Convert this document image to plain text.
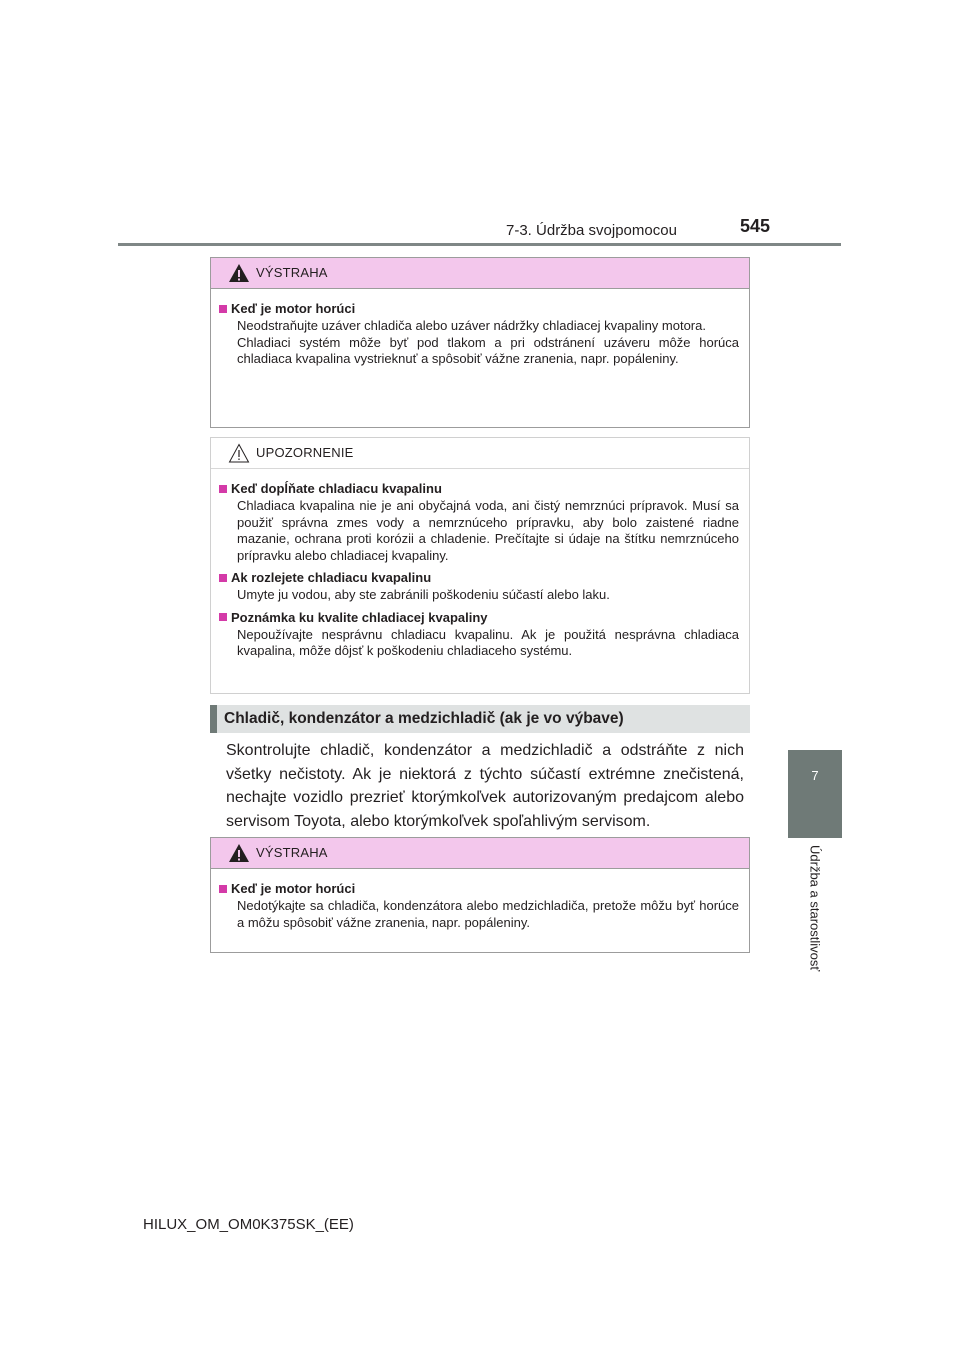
7-3. Údržba svojpomocou	545
7
Údržba a starostlivosť
VÝSTRAHA
Keď je motor horúci
Neodstraňujte uzáver chladiča alebo uzáver nádržky chladiacej kvapaliny motora.
Chladiaci systém môže byť pod tlakom a pri odstránení uzáveru môže horúca chladiaca kvapalina vystrieknuť a spôsobiť vážne zranenia, napr. popáleniny.
UPOZORNENIE
Keď dopĺňate chladiacu kvapalinu
Chladiaca kvapalina nie je ani obyčajná voda, ani čistý nemrznúci prípravok. Musí sa použiť správna zmes vody a nemrznúceho prípravku, aby bolo zaistené riadne mazanie, ochrana proti korózii a chladenie. Prečítajte si údaje na štítku nemrznúceho prípravku alebo chladiacej kvapaliny.
Ak rozlejete chladiacu kvapalinu
Umyte ju vodou, aby ste zabránili poškodeniu súčastí alebo laku.
Poznámka ku kvalite chladiacej kvapaliny
Nepoužívajte nesprávnu chladiacu kvapalinu. Ak je použitá nesprávna chladiaca kvapalina, môže dôjsť k poškodeniu chladiaceho systému.
Chladič, kondenzátor a medzichladič (ak je vo výbave)
Skontrolujte chladič, kondenzátor a medzichladič a odstráňte z nich všetky nečistoty. Ak je niektorá z týchto súčastí extrémne znečistená, nechajte vozidlo prezrieť ktorýmkoľvek autorizovaným predajcom alebo servisom Toyota, alebo ktorýmkoľvek spoľahlivým servisom.
VÝSTRAHA
Keď je motor horúci
Nedotýkajte sa chladiča, kondenzátora alebo medzichladiča, pretože môžu byť horúce a môžu spôsobiť vážne zranenia, napr. popáleniny.
HILUX_OM_OM0K375SK_(EE)
